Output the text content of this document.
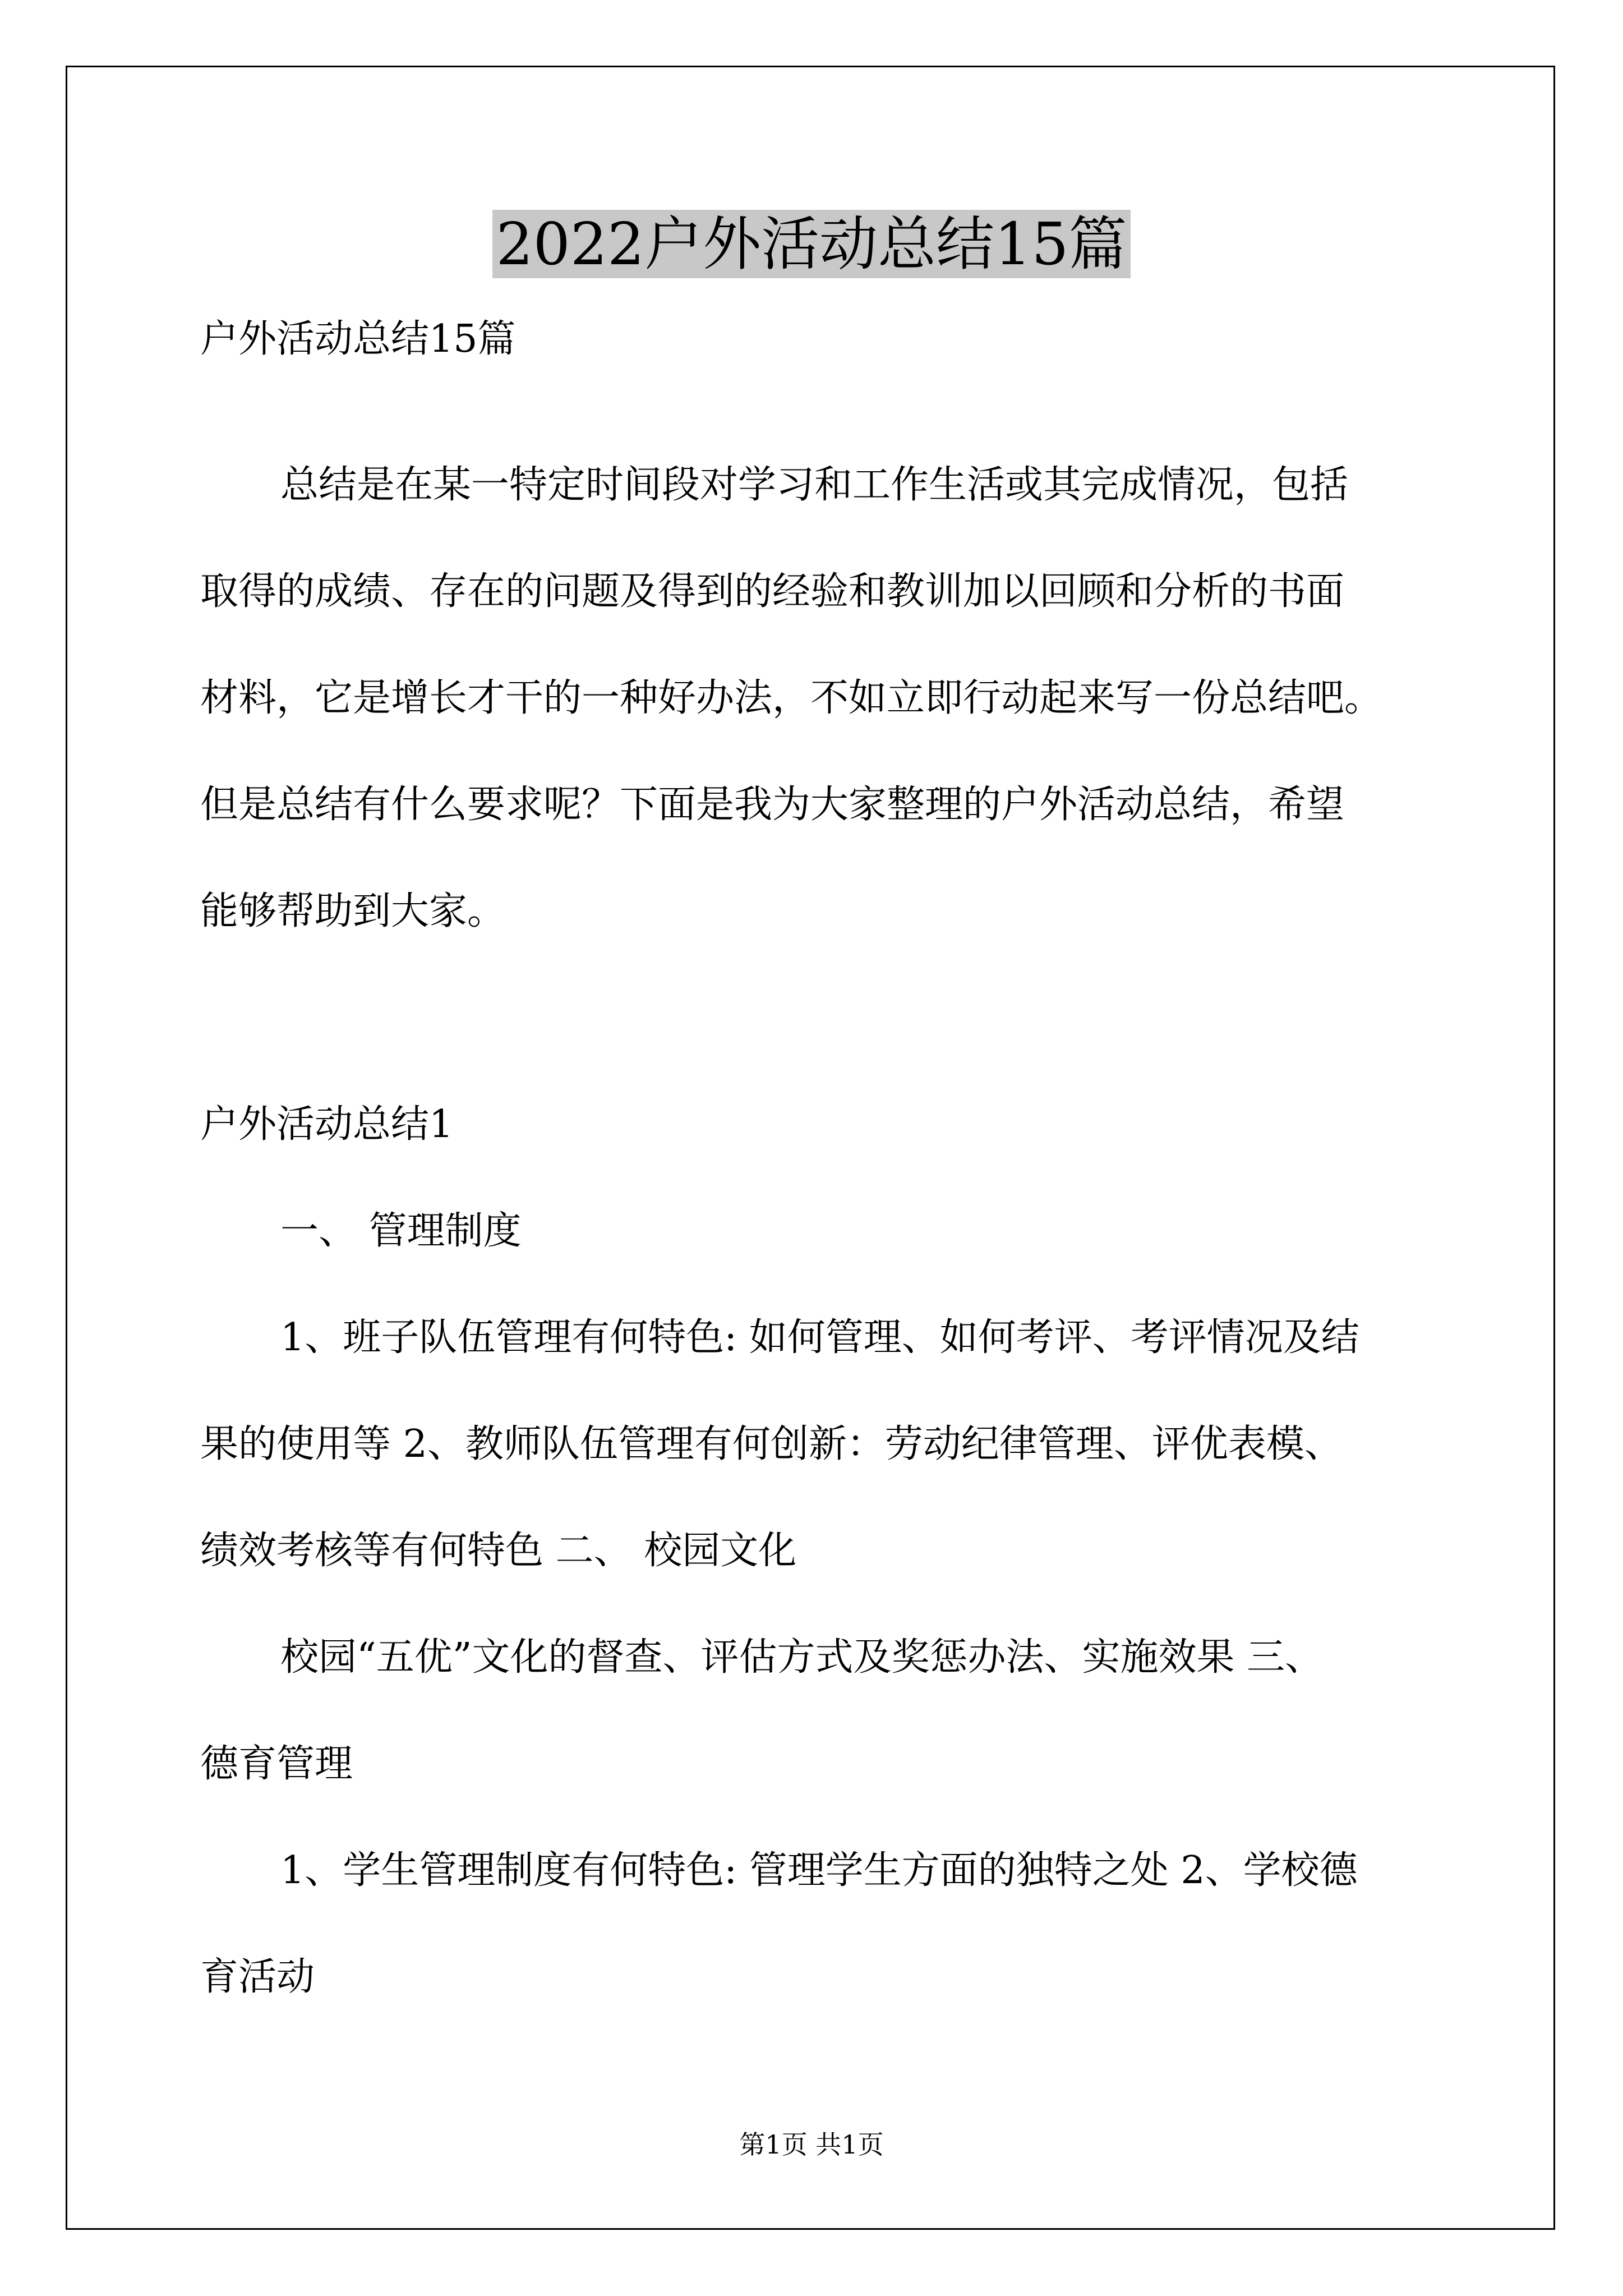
2022户外活动总结15篇
户外活动总结15篇
总结是在某一特定时间段对学习和工作生活或其完成情况，包括
取得的成绩、存在的问题及得到的经验和教训加以回顾和分析的书面
材料，它是增长才干的一种好办法，不如立即行动起来写一份总结吧。
但是总结有什么要求呢？下面是我为大家整理的户外活动总结，希望
能够帮助到大家。
户外活动总结1
一、 管理制度
1、班子队伍管理有何特色: 如何管理、如何考评、考评情况及结
果的使用等 2、教师队伍管理有何创新：劳动纪律管理、评优表模、
绩效考核等有何特色 二、 校园文化
校园“五优”文化的督查、评估方式及奖惩办法、实施效果 三、
德育管理
1、学生管理制度有何特色: 管理学生方面的独特之处 2、学校德
育活动
第1页 共1页
